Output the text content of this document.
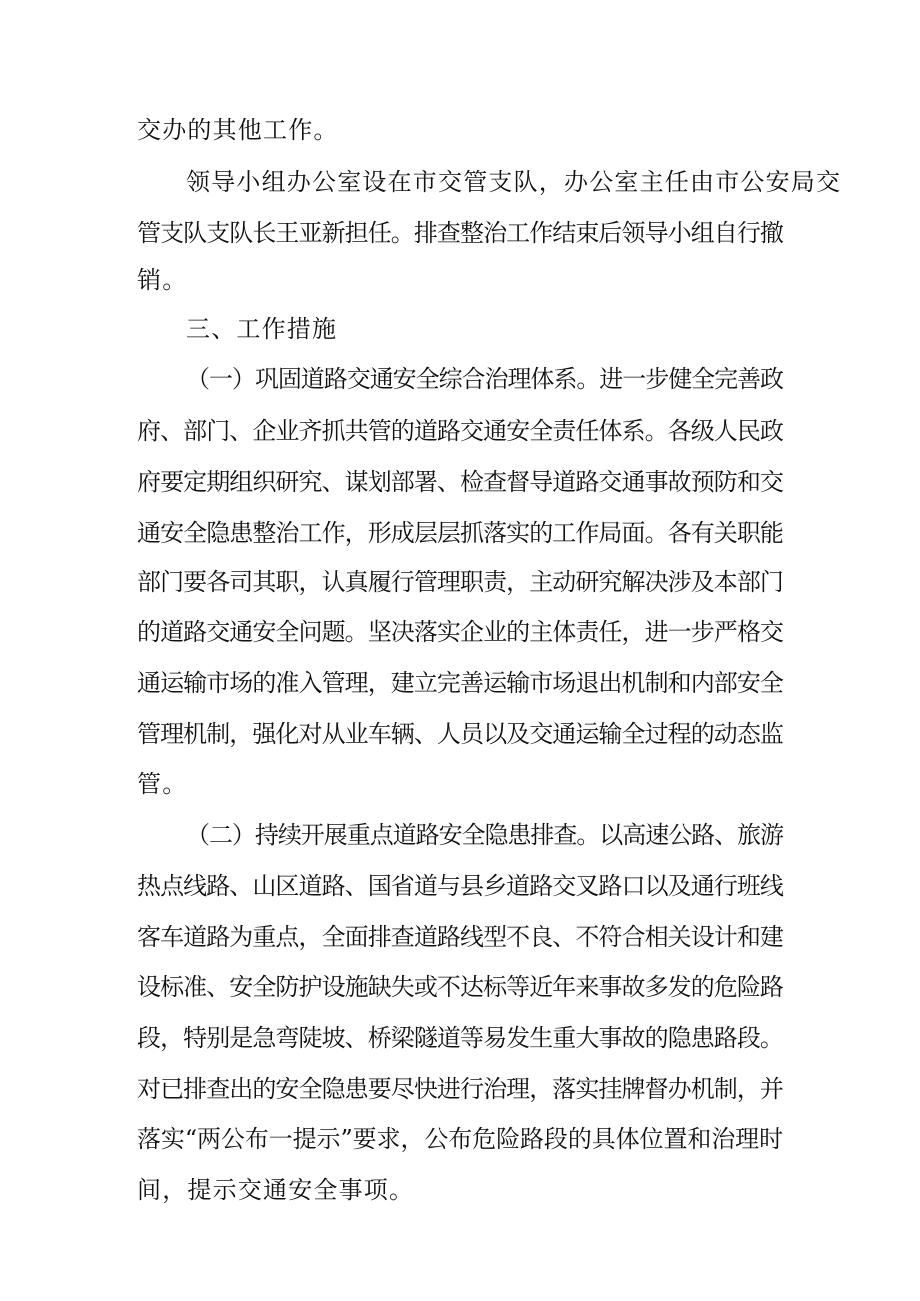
交办的其他工作。
领导小组办公室设在市交管支队，办公室主任由市公安局交
管支队支队长王亚新担任。排查整治工作结束后领导小组自行撤
销。
三、工作措施
（一）巩固道路交通安全综合治理体系。进一步健全完善政
府、部门、企业齐抓共管的道路交通安全责任体系。各级人民政
府要定期组织研究、谋划部署、检查督导道路交通事故预防和交
通安全隐患整治工作，形成层层抓落实的工作局面。各有关职能
部门要各司其职，认真履行管理职责，主动研究解决涉及本部门
的道路交通安全问题。坚决落实企业的主体责任，进一步严格交
通运输市场的准入管理，建立完善运输市场退出机制和内部安全
管理机制，强化对从业车辆、人员以及交通运输全过程的动态监
管。
（二）持续开展重点道路安全隐患排查。以高速公路、旅游
热点线路、山区道路、国省道与县乡道路交叉路口以及通行班线
客车道路为重点，全面排查道路线型不良、不符合相关设计和建
设标准、安全防护设施缺失或不达标等近年来事故多发的危险路
段，特别是急弯陡坡、桥梁隧道等易发生重大事故的隐患路段。
对已排查出的安全隐患要尽快进行治理，落实挂牌督办机制，并
落实“两公布一提示”要求，公布危险路段的具体位置和治理时
间，提示交通安全事项。
